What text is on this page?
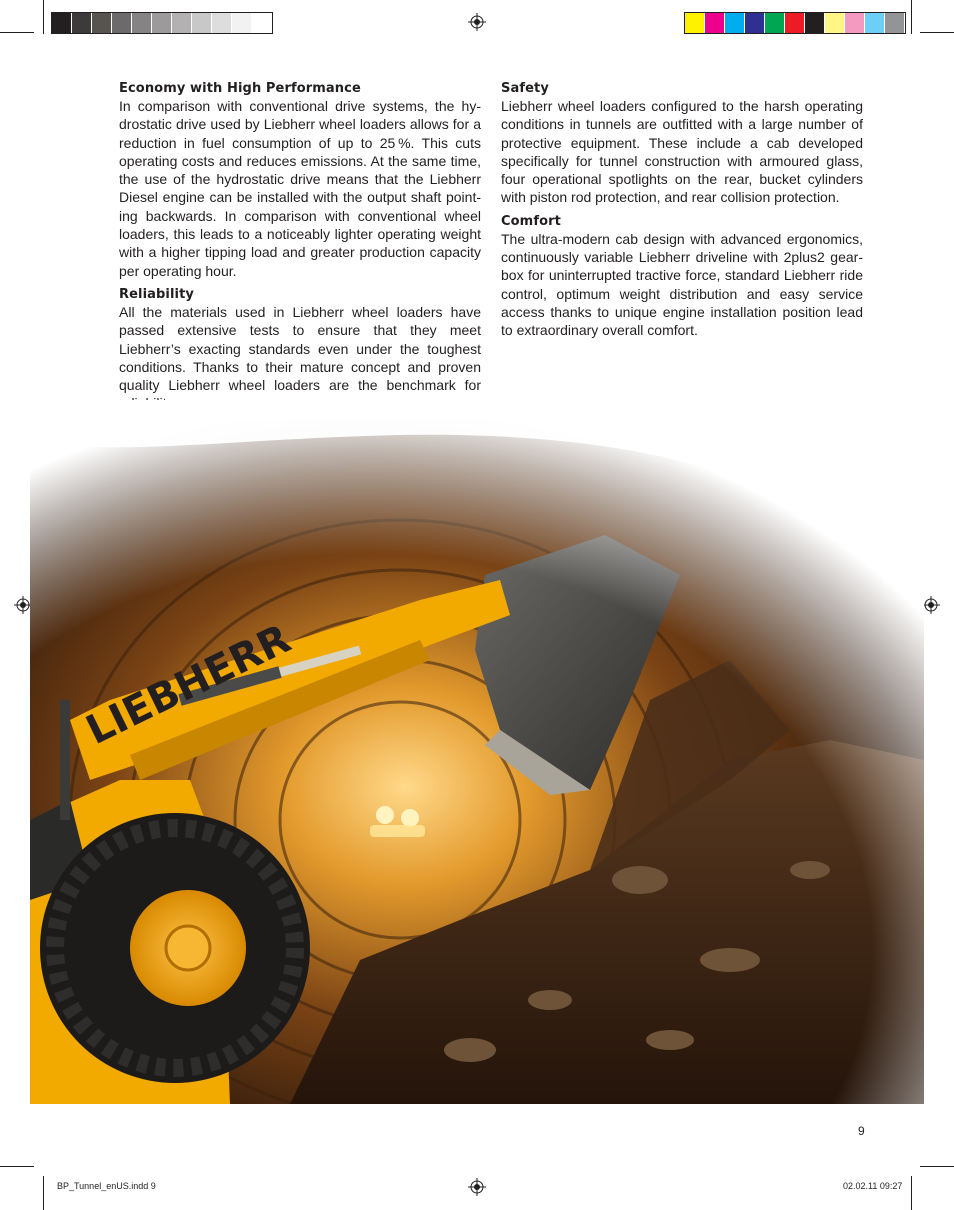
Economy with High Performance

In comparison with conventional drive systems, the hydrostatic drive used by Liebherr wheel loaders allows for a reduction in fuel consumption of up to 25 %. This cuts operating costs and reduces emissions. At the same time, the use of the hydrostatic drive means that the Liebherr Diesel engine can be installed with the output shaft pointing backwards. In comparison with conventional wheel loaders, this leads to a noticeably lighter operating weight with a higher tipping load and greater production capacity per operating hour.

Reliability

All the materials used in Liebherr wheel loaders have passed extensive tests to ensure that they meet Liebherr’s exacting standards even under the toughest conditions. Thanks to their mature concept and proven quality Liebherr wheel loaders are the benchmark for

Safety

Liebherr wheel loaders configured to the harsh operating conditions in tunnels are outfitted with a large number of protective equipment. These include a cab developed specifically for tunnel construction with armoured glass, four operational spotlights on the rear, bucket cylinders with piston rod protection, and rear collision protection.

Comfort

The ultra-modern cab design with advanced ergonomics, continuously variable Liebherr driveline with 2plus2 gearbox for uninterrupted tractive force, standard Liebherr ride control, optimum weight distribution and easy service access thanks to unique engine installation position lead to extraordinary overall comfort.

9
BP_Tunnel_enUS.indd 9	02.02.11 09:27
